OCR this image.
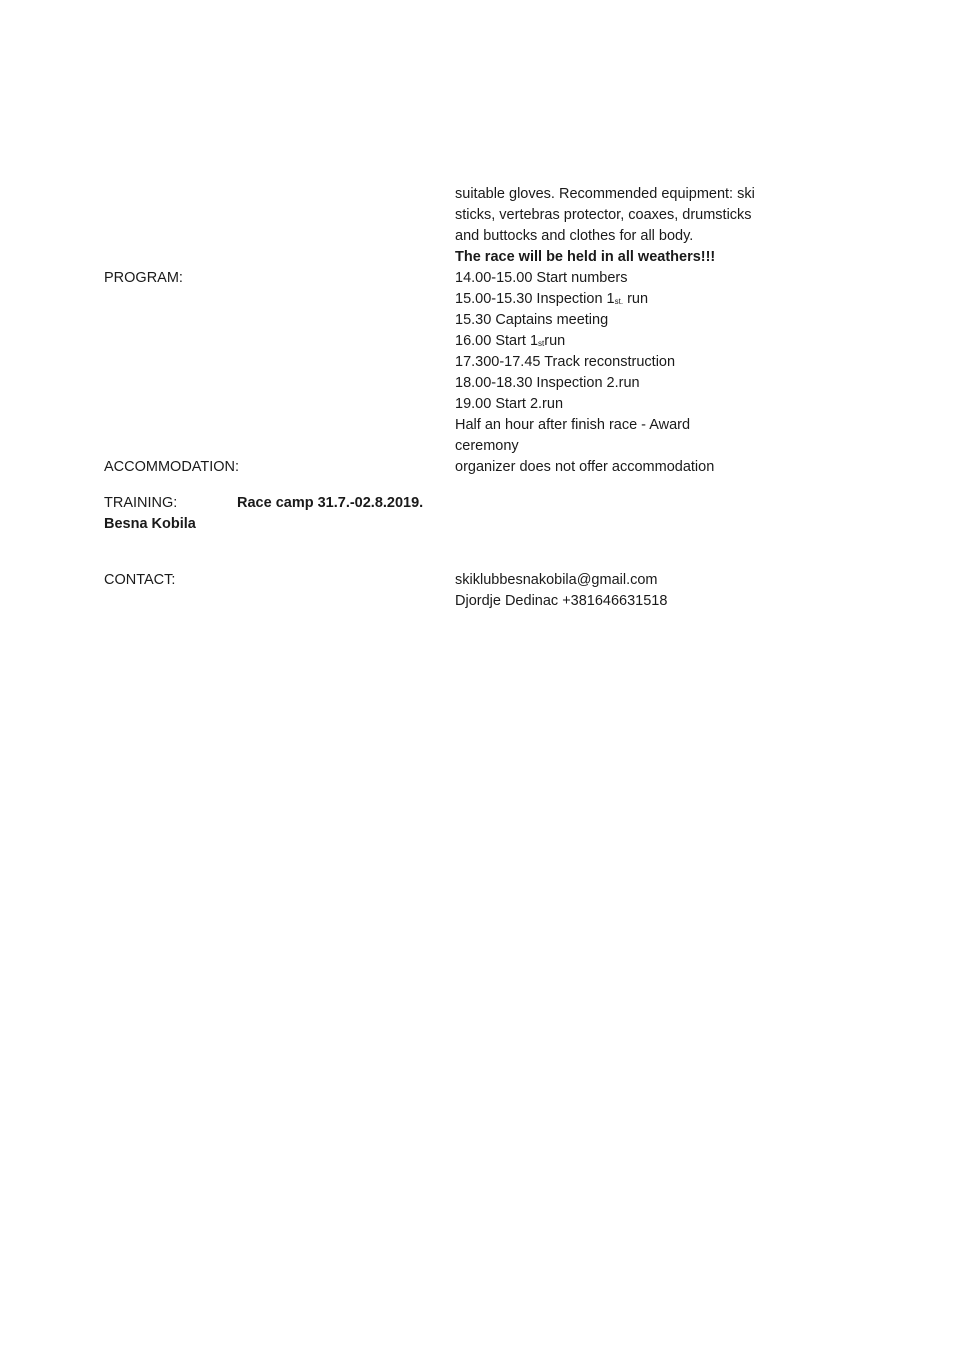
suitable gloves. Recommended equipment: ski
sticks, vertebras protector, coaxes, drumsticks
and buttocks and clothes for all body.
The race will be held in all weathers!!!
PROGRAM:	14.00-15.00 Start numbers
15.00-15.30 Inspection 1st. run
15.30 Captains meeting
16.00 Start 1strun
17.300-17.45 Track reconstruction
18.00-18.30 Inspection 2.run
19.00 Start 2.run
Half an hour after finish race - Award
ceremony
ACCOMMODATION:	organizer does not offer accommodation
TRAINING:	Race camp 31.7.-02.8.2019.
Besna Kobila
CONTACT:	skiklubbesnakobila@gmail.com
Djordje Dedinac +381646631518
